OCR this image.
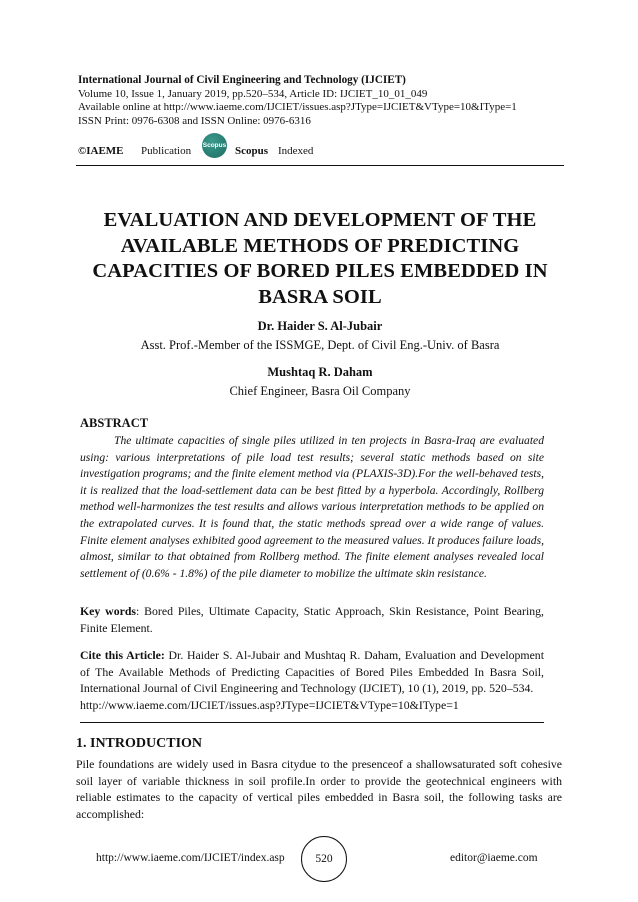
International Journal of Civil Engineering and Technology (IJCIET)
Volume 10, Issue 1, January 2019, pp.520–534, Article ID: IJCIET_10_01_049
Available online at http://www.iaeme.com/IJCIET/issues.asp?JType=IJCIET&VType=10&IType=1
ISSN Print: 0976-6308 and ISSN Online: 0976-6316
©IAEME Publication Scopus Scopus Indexed
EVALUATION AND DEVELOPMENT OF THE
AVAILABLE METHODS OF PREDICTING
CAPACITIES OF BORED PILES EMBEDDED IN
BASRA SOIL
Dr. Haider S. Al-Jubair
Asst. Prof.-Member of the ISSMGE, Dept. of Civil Eng.-Univ. of Basra
Mushtaq R. Daham
Chief Engineer, Basra Oil Company
ABSTRACT

The ultimate capacities of single piles utilized in ten projects in Basra-Iraq are evaluated using: various interpretations of pile load test results; several static methods based on site investigation programs; and the finite element method via (PLAXIS-3D).For the well-behaved tests, it is realized that the load-settlement data can be best fitted by a hyperbola. Accordingly, Rollberg method well-harmonizes the test results and allows various interpretation methods to be applied on the extrapolated curves. It is found that, the static methods spread over a wide range of values. Finite element analyses exhibited good agreement to the measured values. It produces failure loads, almost, similar to that obtained from Rollberg method. The finite element analyses revealed local settlement of (0.6% - 1.8%) of the pile diameter to mobilize the ultimate skin resistance.

Key words: Bored Piles, Ultimate Capacity, Static Approach, Skin Resistance, Point Bearing, Finite Element.
Cite this Article: Dr. Haider S. Al-Jubair and Mushtaq R. Daham, Evaluation and Development of The Available Methods of Predicting Capacities of Bored Piles Embedded In Basra Soil, International Journal of Civil Engineering and Technology (IJCIET), 10 (1), 2019, pp. 520–534.
http://www.iaeme.com/IJCIET/issues.asp?JType=IJCIET&VType=10&IType=1
1. INTRODUCTION

Pile foundations are widely used in Basra citydue to the presenceof a shallowsaturated soft cohesive soil layer of variable thickness in soil profile.In order to provide the geotechnical engineers with reliable estimates to the capacity of vertical piles embedded in Basra soil, the following tasks are accomplished:

http://www.iaeme.com/IJCIET/index.asp	520	editor@iaeme.com
